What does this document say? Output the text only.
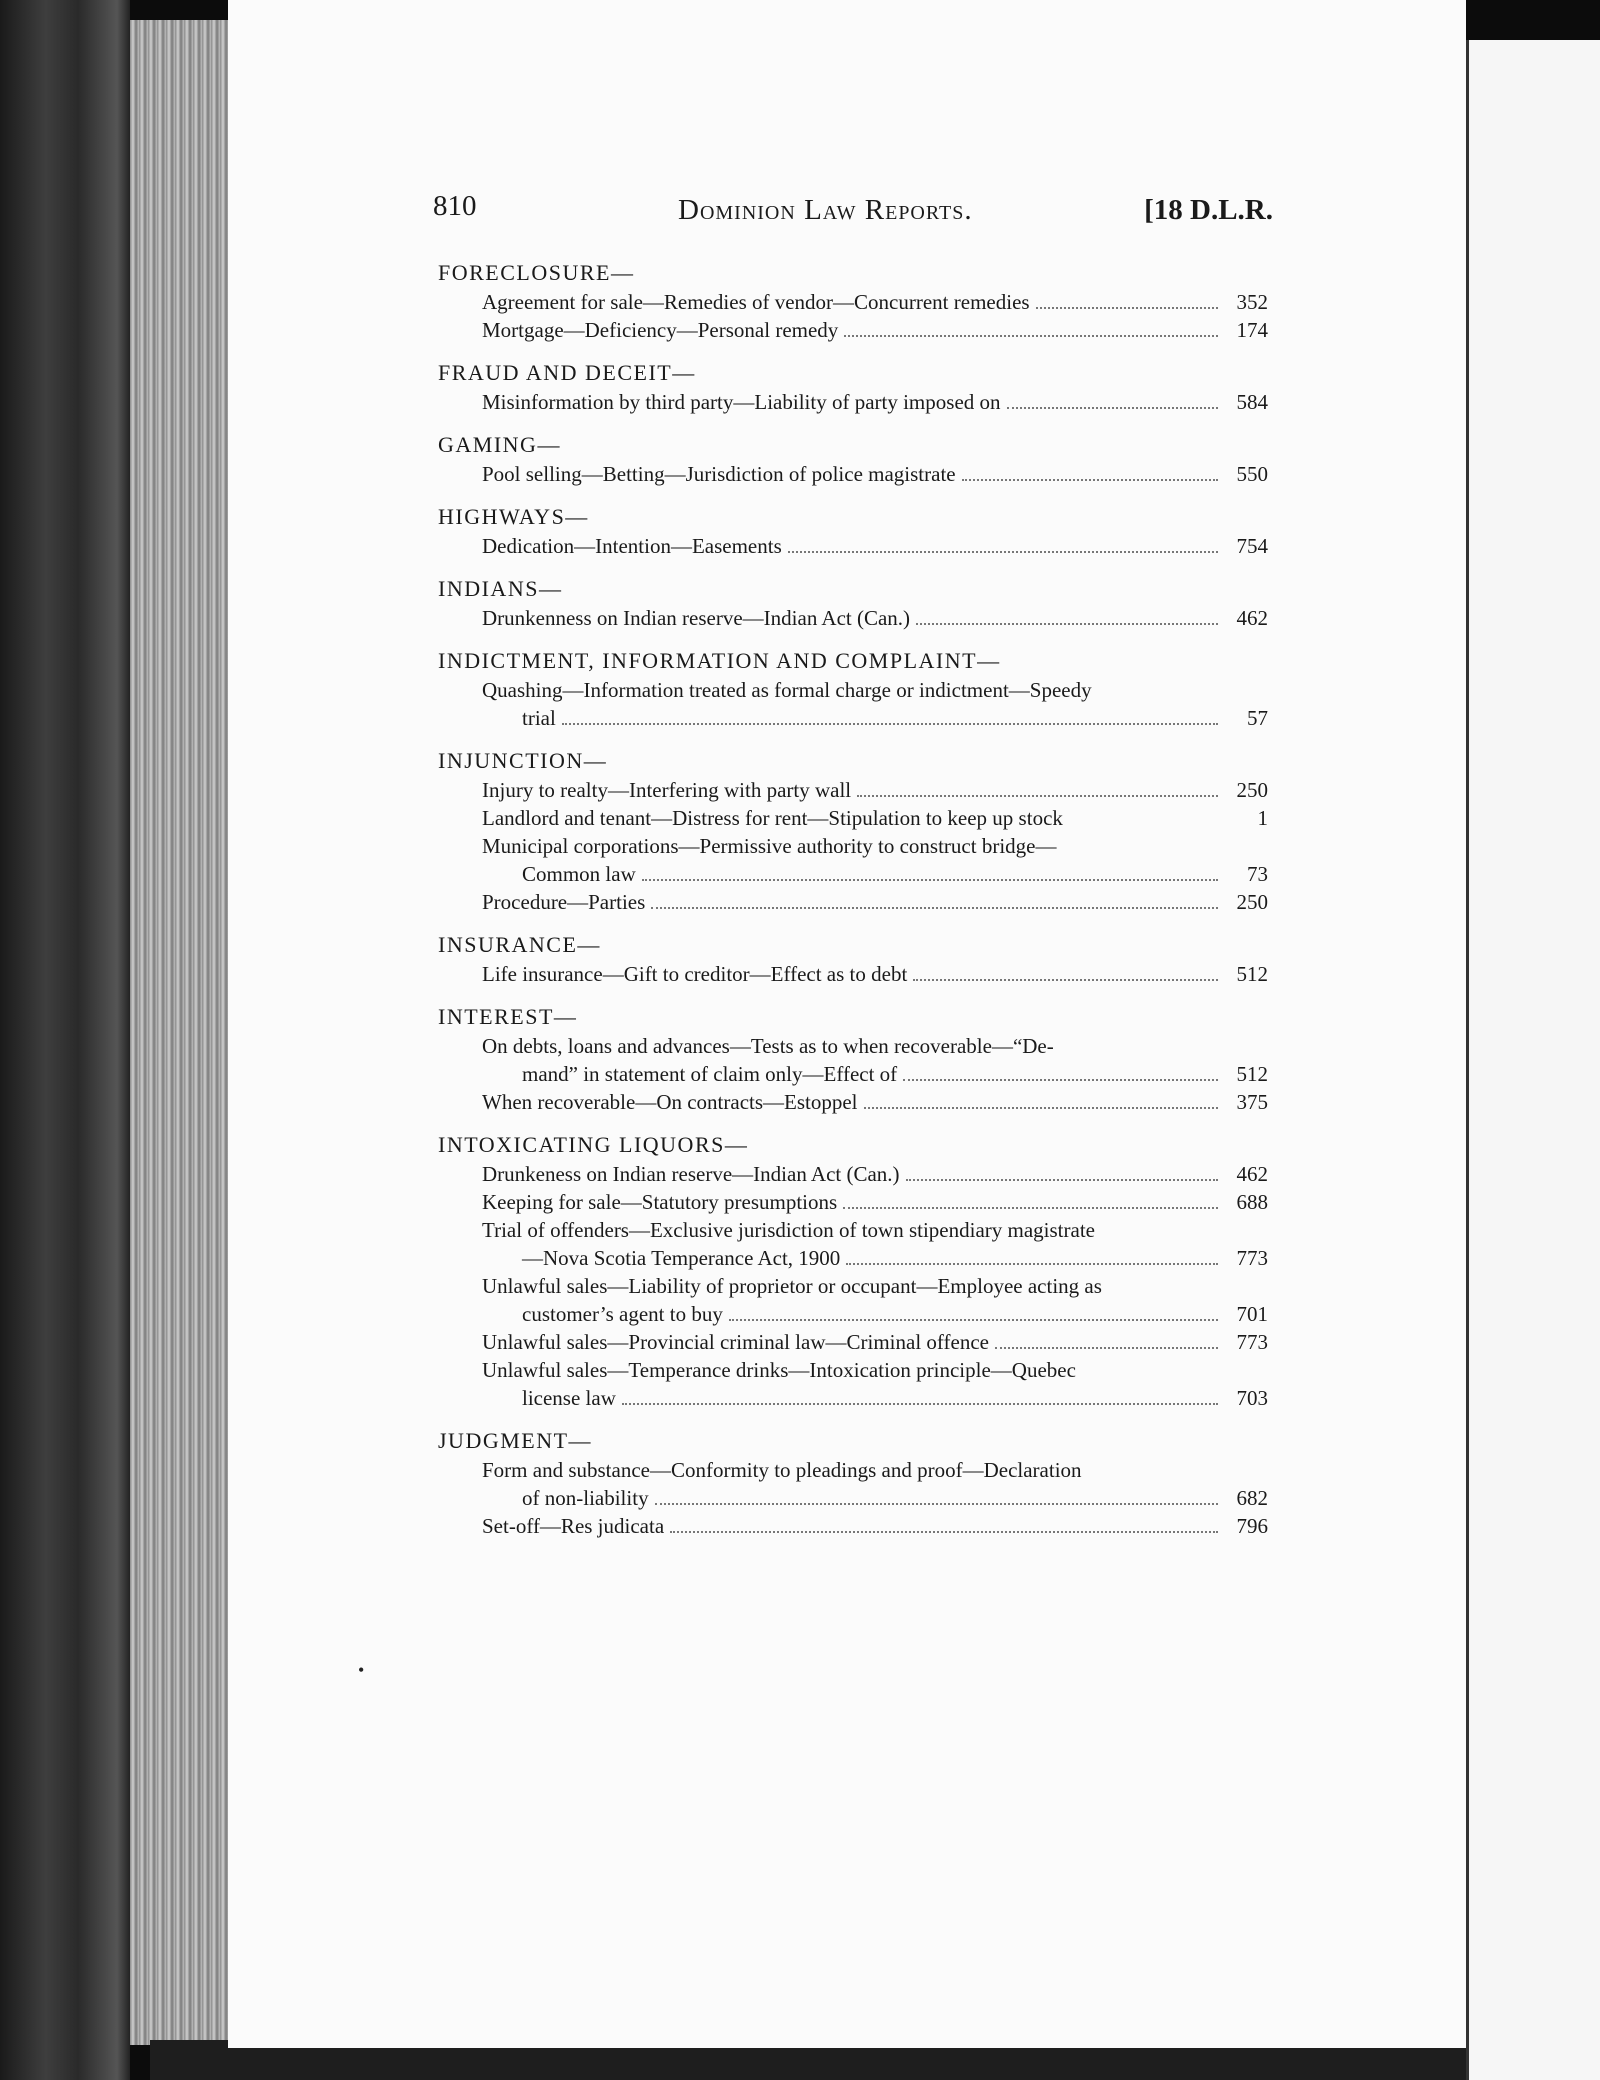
810	Dominion Law Reports.	[18 D.L.R.
FORECLOSURE—
Agreement for sale—Remedies of vendor—Concurrent remedies	352
Mortgage—Deficiency—Personal remedy	174
FRAUD AND DECEIT—
Misinformation by third party—Liability of party imposed on	584
GAMING—
Pool selling—Betting—Jurisdiction of police magistrate	550
HIGHWAYS—
Dedication—Intention—Easements	754
INDIANS—
Drunkenness on Indian reserve—Indian Act (Can.)	462
INDICTMENT, INFORMATION AND COMPLAINT—
Quashing—Information treated as formal charge or indictment—Speedy
trial	57
INJUNCTION—
Injury to realty—Interfering with party wall	250
Landlord and tenant—Distress for rent—Stipulation to keep up stock	1
Municipal corporations—Permissive authority to construct bridge—
Common law	73
Procedure—Parties	250
INSURANCE—
Life insurance—Gift to creditor—Effect as to debt	512
INTEREST—
On debts, loans and advances—Tests as to when recoverable—“De-
mand” in statement of claim only—Effect of	512
When recoverable—On contracts—Estoppel	375
INTOXICATING LIQUORS—
Drunkeness on Indian reserve—Indian Act (Can.)	462
Keeping for sale—Statutory presumptions	688
Trial of offenders—Exclusive jurisdiction of town stipendiary magistrate
—Nova Scotia Temperance Act, 1900	773
Unlawful sales—Liability of proprietor or occupant—Employee acting as
customer’s agent to buy	701
Unlawful sales—Provincial criminal law—Criminal offence	773
Unlawful sales—Temperance drinks—Intoxication principle—Quebec
license law	703
JUDGMENT—
Form and substance—Conformity to pleadings and proof—Declaration
of non-liability	682
Set-off—Res judicata	796
•
